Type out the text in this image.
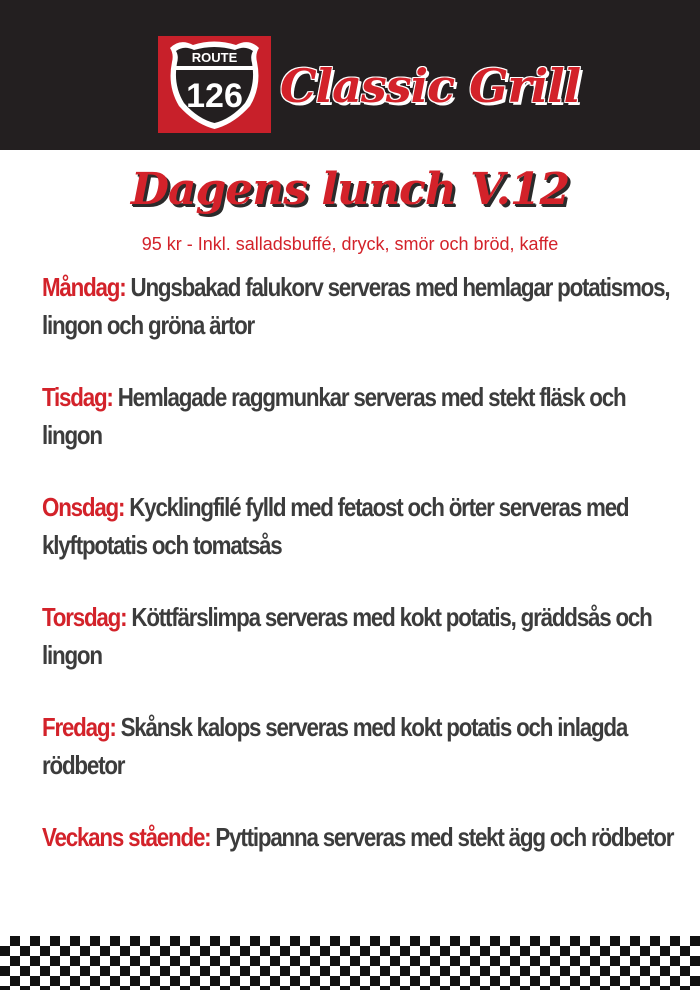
ROUTE
126 Classic Grill
Dagens lunch V.12
95 kr - Inkl. salladsbuffé, dryck, smör och bröd, kaffe
Måndag: Ungsbakad falukorv serveras med hemlagar potatismos, lingon och gröna ärtor
Tisdag: Hemlagade raggmunkar serveras med stekt fläsk och lingon
Onsdag: Kycklingfilé fylld med fetaost och örter serveras med klyftpotatis och tomatsås
Torsdag: Köttfärslimpa serveras med kokt potatis, gräddsås och lingon
Fredag: Skånsk kalops serveras med kokt potatis och inlagda rödbetor
Veckans stående: Pyttipanna serveras med stekt ägg och rödbetor
